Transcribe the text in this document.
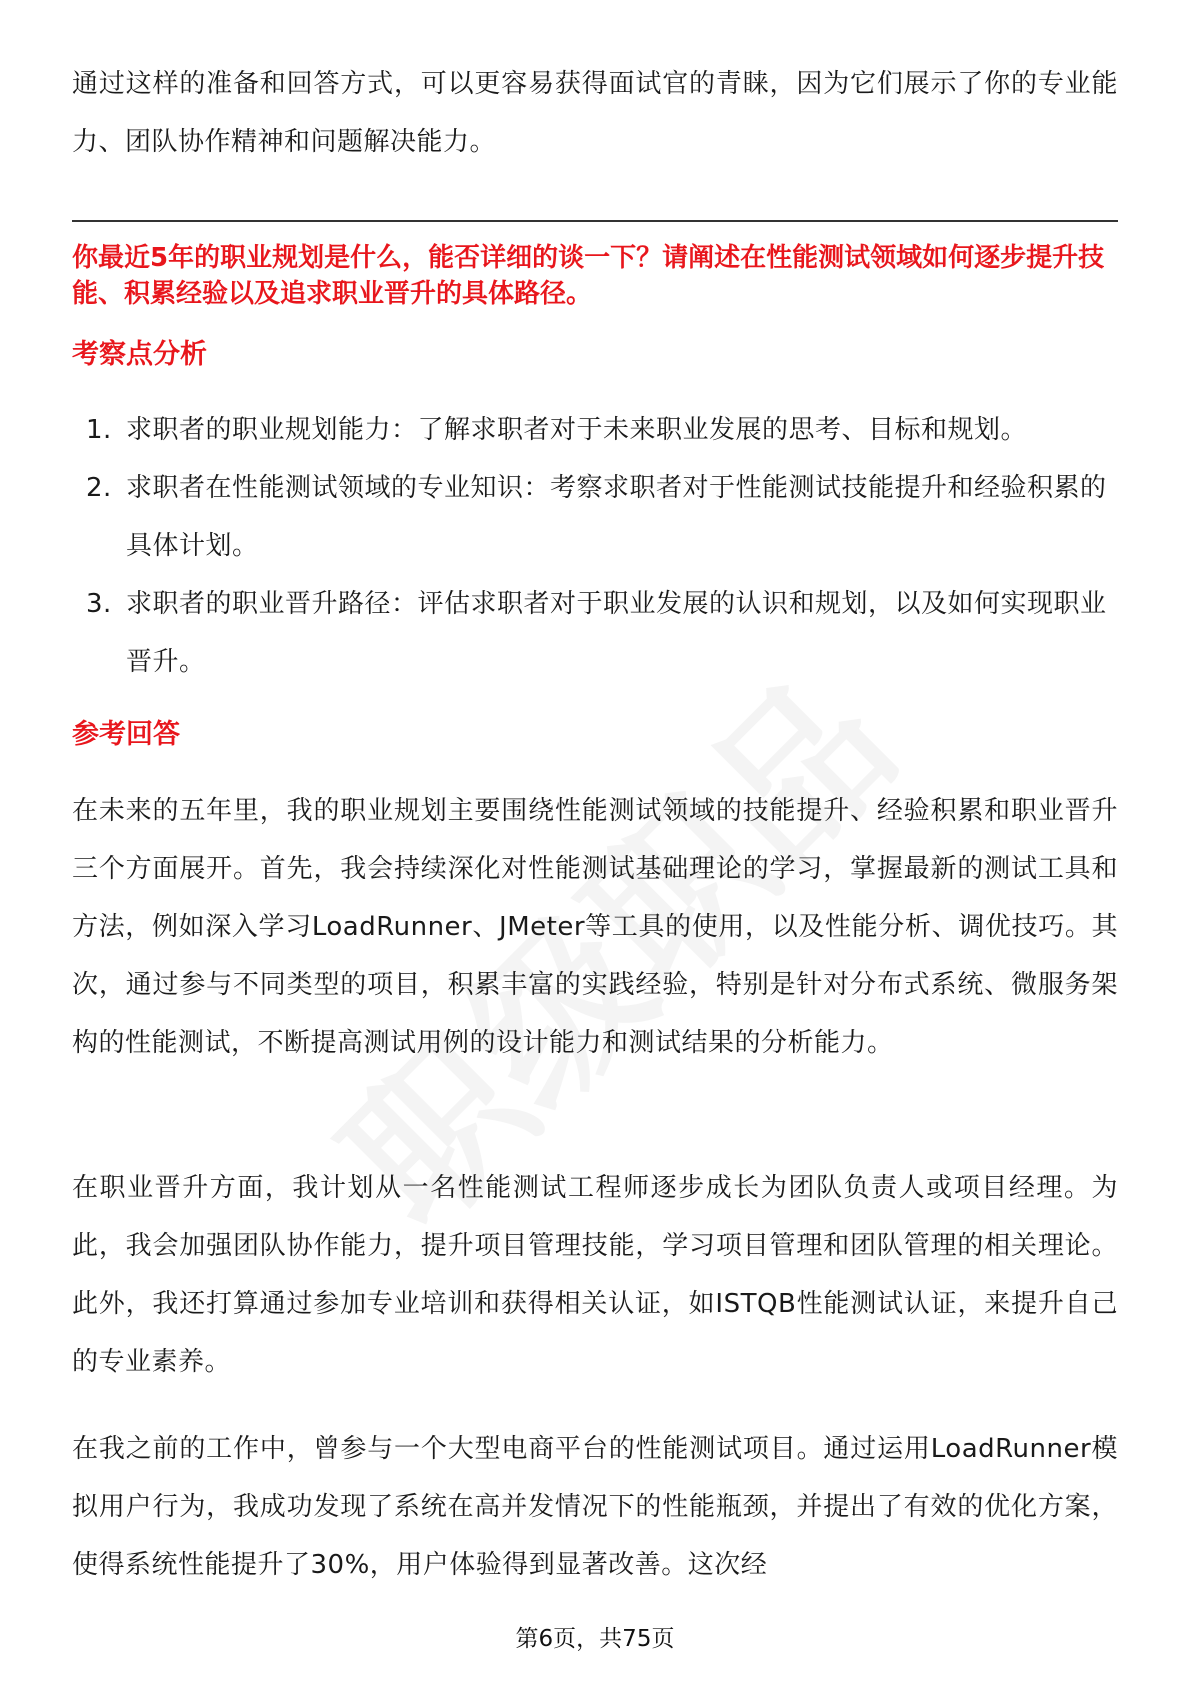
通过这样的准备和回答方式，可以更容易获得面试官的青睐，因为它们展示了你的专业能力、团队协作精神和问题解决能力。

你最近5年的职业规划是什么，能否详细的谈一下？请阐述在性能测试领域如何逐步提升技能、积累经验以及追求职业晋升的具体路径。

考察点分析
1. 求职者的职业规划能力：了解求职者对于未来职业发展的思考、目标和规划。
2. 求职者在性能测试领域的专业知识：考察求职者对于性能测试技能提升和经验积累的具体计划。
3. 求职者的职业晋升路径：评估求职者对于职业发展的认识和规划，以及如何实现职业晋升。
参考回答

在未来的五年里，我的职业规划主要围绕性能测试领域的技能提升、经验积累和职业晋升三个方面展开。首先，我会持续深化对性能测试基础理论的学习，掌握最新的测试工具和方法，例如深入学习LoadRunner、JMeter等工具的使用，以及性能分析、调优技巧。其次，通过参与不同类型的项目，积累丰富的实践经验，特别是针对分布式系统、微服务架构的性能测试，不断提高测试用例的设计能力和测试结果的分析能力。

在职业晋升方面，我计划从一名性能测试工程师逐步成长为团队负责人或项目经理。为此，我会加强团队协作能力，提升项目管理技能，学习项目管理和团队管理的相关理论。此外，我还打算通过参加专业培训和获得相关认证，如ISTQB性能测试认证，来提升自己的专业素养。

在我之前的工作中，曾参与一个大型电商平台的性能测试项目。通过运用LoadRunner模拟用户行为，我成功发现了系统在高并发情况下的性能瓶颈，并提出了有效的优化方案，使得系统性能提升了30%，用户体验得到显著改善。这次经

第6页，共75页
